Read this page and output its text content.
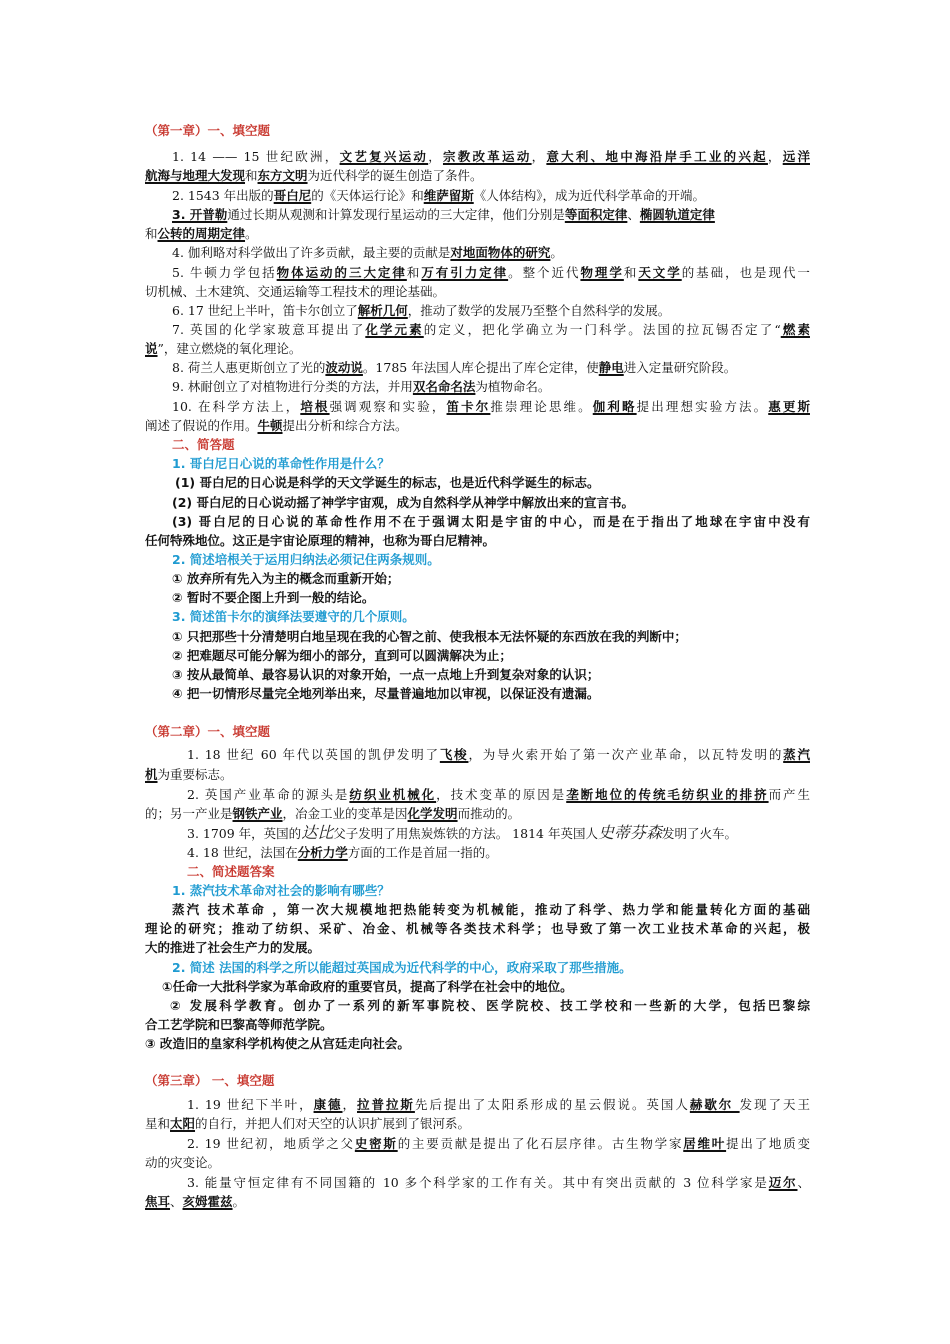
（第一章）一、填空题
1. 14 —— 15 世纪欧洲，文艺复兴运动，宗教改革运动，意大利、地中海沿岸手工业的兴起，远洋
航海与地理大发现和东方文明为近代科学的诞生创造了条件。
2. 1543 年出版的哥白尼的《天体运行论》和维萨留斯《人体结构》，成为近代科学革命的开端。
3. 开普勒通过长期从观测和计算发现行星运动的三大定律，他们分别是等面积定律、椭圆轨道定律
和公转的周期定律。
4. 伽利略对科学做出了许多贡献，最主要的贡献是对地面物体的研究。
5. 牛顿力学包括物体运动的三大定律和万有引力定律。整个近代物理学和天文学的基础，也是现代一
切机械、土木建筑、交通运输等工程技术的理论基础。
6. 17 世纪上半叶，笛卡尔创立了解析几何，推动了数学的发展乃至整个自然科学的发展。
7. 英国的化学家玻意耳提出了化学元素的定义，把化学确立为一门科学。法国的拉瓦锡否定了“燃素
说”，建立燃烧的氧化理论。
8. 荷兰人惠更斯创立了光的波动说。1785 年法国人库仑提出了库仑定律，使静电进入定量研究阶段。
9. 林耐创立了对植物进行分类的方法，并用双名命名法为植物命名。
10. 在科学方法上，培根强调观察和实验，笛卡尔推崇理论思维。伽利略提出理想实验方法。惠更斯
阐述了假说的作用。牛顿提出分析和综合方法。
二、简答题
1. 哥白尼日心说的革命性作用是什么？
(1) 哥白尼的日心说是科学的天文学诞生的标志，也是近代科学诞生的标志。
(2) 哥白尼的日心说动摇了神学宇宙观，成为自然科学从神学中解放出来的宣言书。
(3) 哥白尼的日心说的革命性作用不在于强调太阳是宇宙的中心，而是在于指出了地球在宇宙中没有
任何特殊地位。这正是宇宙论原理的精神，也称为哥白尼精神。
2. 简述培根关于运用归纳法必须记住两条规则。
① 放弃所有先入为主的概念而重新开始；
② 暂时不要企图上升到一般的结论。
3. 简述笛卡尔的演绎法要遵守的几个原则。
① 只把那些十分清楚明白地呈现在我的心智之前、使我根本无法怀疑的东西放在我的判断中；
② 把难题尽可能分解为细小的部分，直到可以圆满解决为止；
③ 按从最简单、最容易认识的对象开始，一点一点地上升到复杂对象的认识；
④ 把一切情形尽量完全地列举出来，尽量普遍地加以审视，以保证没有遗漏。
（第二章）一、填空题
1. 18 世纪 60 年代以英国的凯伊发明了飞梭，为导火索开始了第一次产业革命，以瓦特发明的蒸汽
机为重要标志。
2. 英国产业革命的源头是纺织业机械化，技术变革的原因是垄断地位的传统毛纺织业的排挤而产生
的；另一产业是钢铁产业，冶金工业的变革是因化学发明而推动的。
3. 1709 年，英国的达比父子发明了用焦炭炼铁的方法。 1814 年英国人史蒂芬森发明了火车。
4. 18 世纪，法国在分析力学方面的工作是首屈一指的。
二、简述题答案
1. 蒸汽技术革命对社会的影响有哪些？
蒸汽 技术革命 ，第一次大规模地把热能转变为机械能，推动了科学、热力学和能量转化方面的基础
理论的研究；推动了纺织、采矿、冶金、机械等各类技术科学；也导致了第一次工业技术革命的兴起，极
大的推进了社会生产力的发展。
2. 简述 法国的科学之所以能超过英国成为近代科学的中心，政府采取了那些措施。
①任命一大批科学家为革命政府的重要官员，提高了科学在社会中的地位。
② 发展科学教育。创办了一系列的新军事院校、医学院校、技工学校和一些新的大学，包括巴黎综
合工艺学院和巴黎高等师范学院。
③ 改造旧的皇家科学机构使之从宫廷走向社会。
（第三章） 一、填空题
1. 19 世纪下半叶，康德，拉普拉斯先后提出了太阳系形成的星云假说。英国人赫歇尔 发现了天王
星和太阳的自行，并把人们对天空的认识扩展到了银河系。
2. 19 世纪初，地质学之父史密斯的主要贡献是提出了化石层序律。古生物学家居维叶提出了地质变
动的灾变论。
3. 能量守恒定律有不同国籍的 10 多个科学家的工作有关。其中有突出贡献的 3 位科学家是迈尔、
焦耳、亥姆霍兹。
